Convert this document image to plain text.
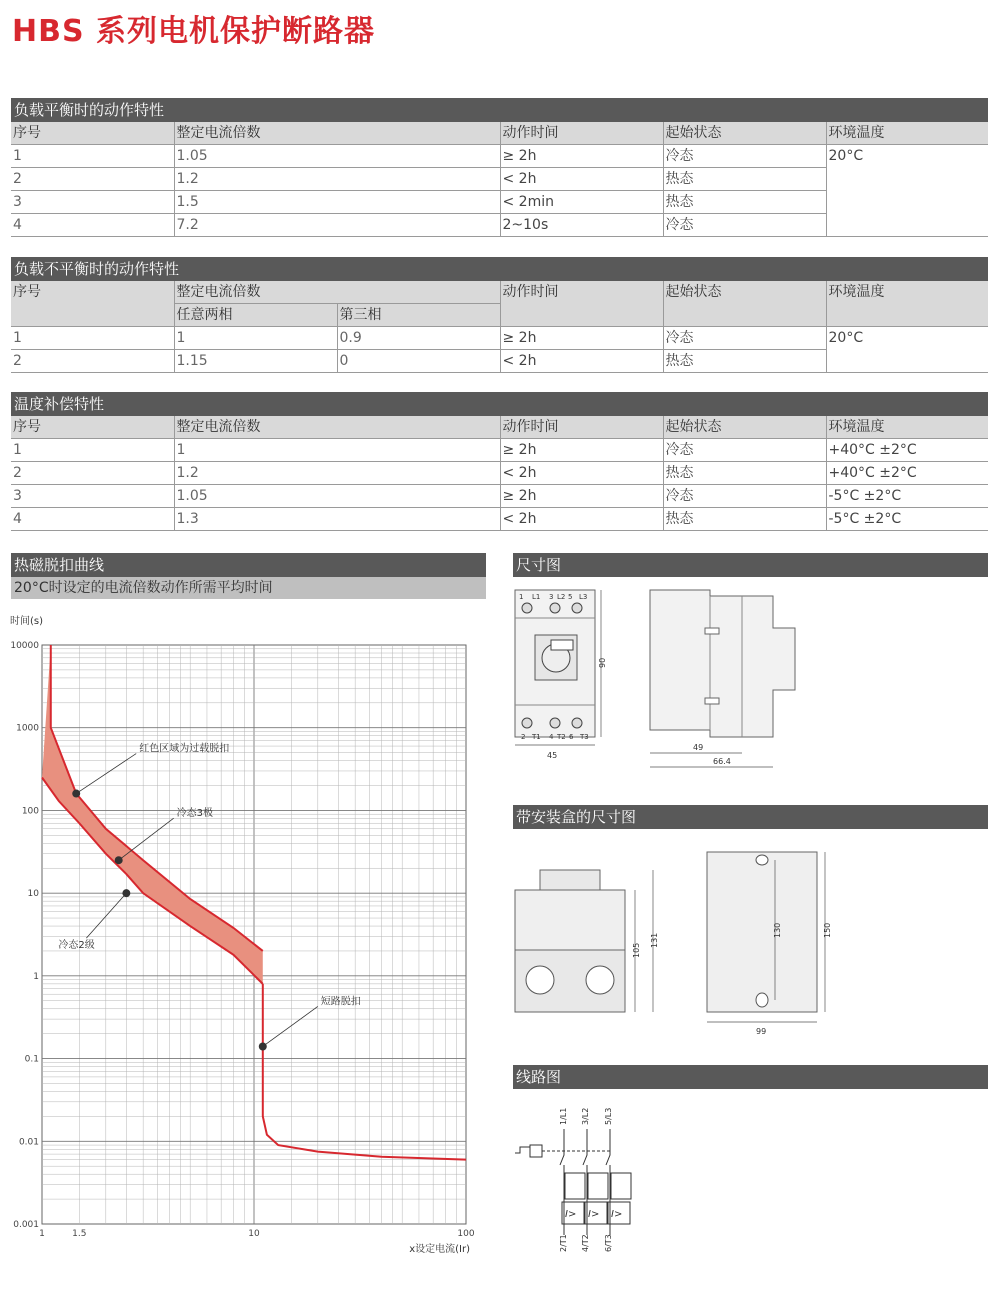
HBS 系列电机保护断路器
负载平衡时的动作特性
序号	整定电流倍数	动作时间	起始状态	环境温度
1	1.05	≥ 2h	冷态	20°C
2	1.2	< 2h	热态	
3	1.5	< 2min	热态	
4	7.2	2~10s	冷态	
负载不平衡时的动作特性
序号	整定电流倍数		动作时间	起始状态	环境温度
	任意两相	第三相			
1	1	0.9	≥ 2h	冷态	20°C
2	1.15	0	< 2h	热态	
温度补偿特性
序号	整定电流倍数	动作时间	起始状态	环境温度
1	1	≥ 2h	冷态	+40°C ±2°C
2	1.2	< 2h	热态	+40°C ±2°C
3	1.05	≥ 2h	冷态	-5°C ±2°C
4	1.3	< 2h	热态	-5°C ±2°C
热磁脱扣曲线
20°C时设定的电流倍数动作所需平均时间
时间(s)
x设定电流(Ir)
10000
1000
100
10
1
0.1
0.01
0.001
1	1.5	10	100
红色区域为过载脱扣
冷态3极
冷态2级
短路脱扣
尺寸图
1 L1 3 L2 5 L3
2 T1 4 T2 6 T3
90
45
49
66.4
带安装盒的尺寸图
105
131
130	150
99
线路图
1/L1 3/L2 5/L3
2/T1 4/T2 6/T3
I> I> I>
